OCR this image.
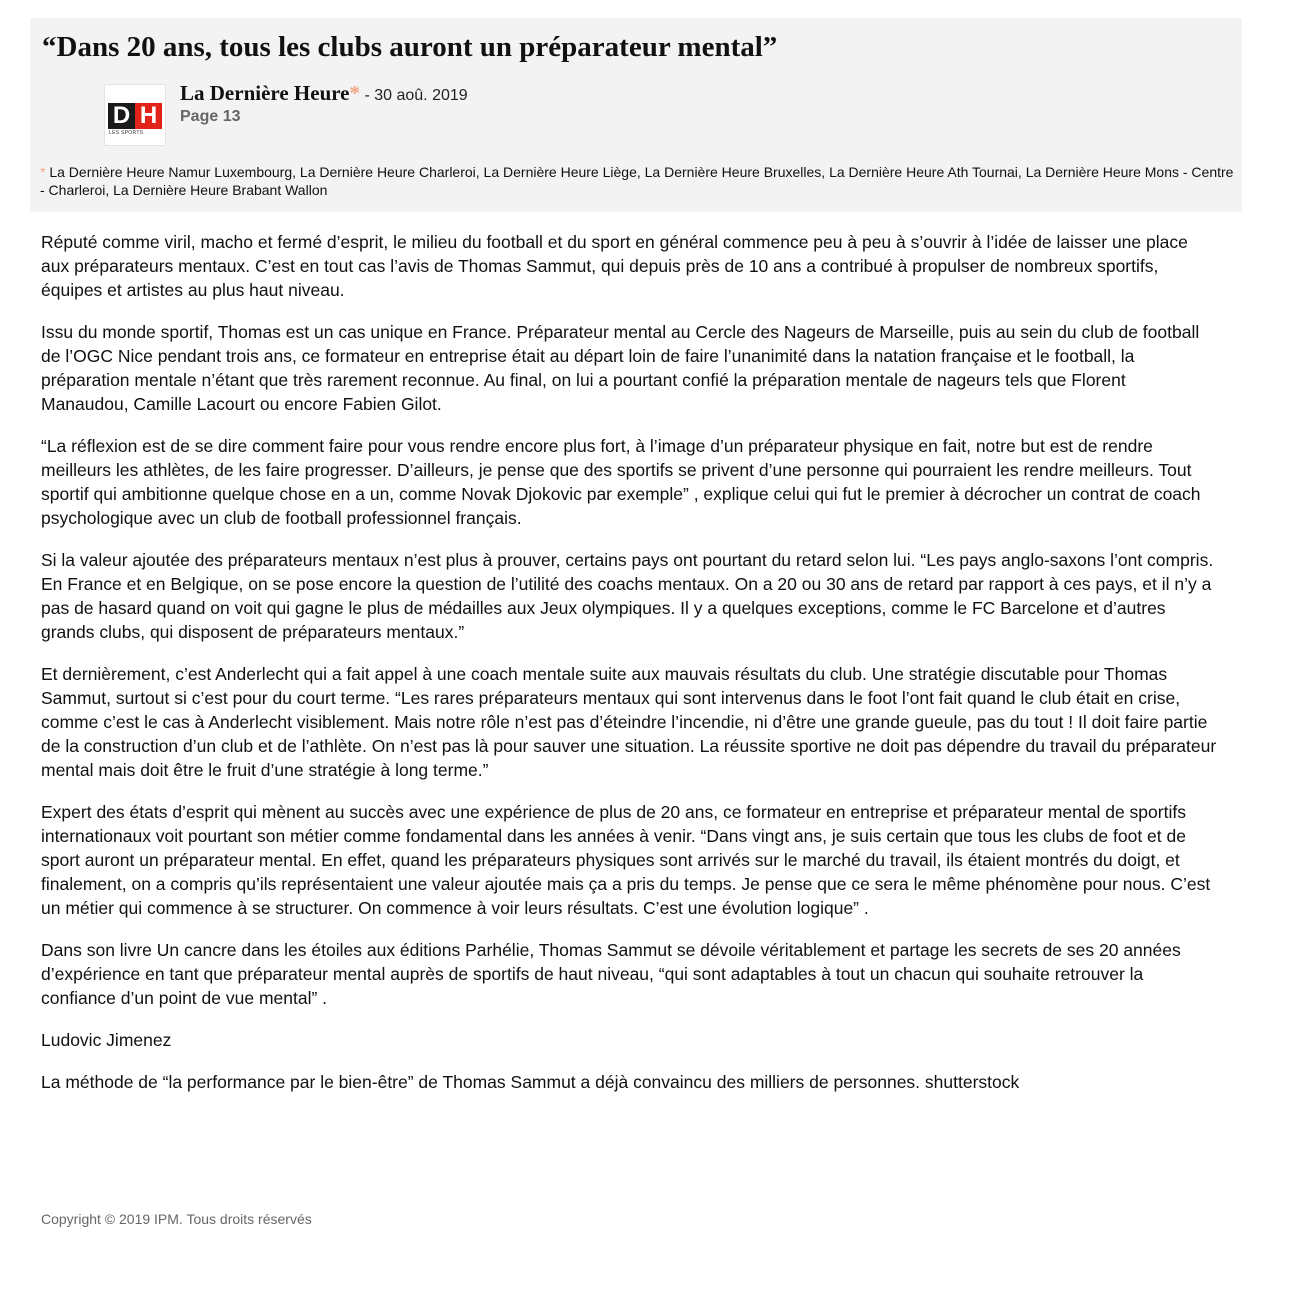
“Dans 20 ans, tous les clubs auront un préparateur mental”
D H
LES SPORTS
La Dernière Heure* - 30 aoû. 2019
Page 13
* La Dernière Heure Namur Luxembourg, La Dernière Heure Charleroi, La Dernière Heure Liège, La Dernière Heure Bruxelles, La Dernière Heure Ath Tournai, La Dernière Heure Mons - Centre - Charleroi, La Dernière Heure Brabant Wallon

Réputé comme viril, macho et fermé d’esprit, le milieu du football et du sport en général commence peu à peu à s’ouvrir à l’idée de laisser une place aux préparateurs mentaux. C’est en tout cas l’avis de Thomas Sammut, qui depuis près de 10 ans a contribué à propulser de nombreux sportifs, équipes et artistes au plus haut niveau.

Issu du monde sportif, Thomas est un cas unique en France. Préparateur mental au Cercle des Nageurs de Marseille, puis au sein du club de football de l’OGC Nice pendant trois ans, ce formateur en entreprise était au départ loin de faire l’unanimité dans la natation française et le football, la préparation mentale n’étant que très rarement reconnue. Au final, on lui a pourtant confié la préparation mentale de nageurs tels que Florent Manaudou, Camille Lacourt ou encore Fabien Gilot.

“La réflexion est de se dire comment faire pour vous rendre encore plus fort, à l’image d’un préparateur physique en fait, notre but est de rendre meilleurs les athlètes, de les faire progresser. D’ailleurs, je pense que des sportifs se privent d’une personne qui pourraient les rendre meilleurs. Tout sportif qui ambitionne quelque chose en a un, comme Novak Djokovic par exemple” , explique celui qui fut le premier à décrocher un contrat de coach psychologique avec un club de football professionnel français.

Si la valeur ajoutée des préparateurs mentaux n’est plus à prouver, certains pays ont pourtant du retard selon lui. “Les pays anglo-saxons l’ont compris. En France et en Belgique, on se pose encore la question de l’utilité des coachs mentaux. On a 20 ou 30 ans de retard par rapport à ces pays, et il n’y a pas de hasard quand on voit qui gagne le plus de médailles aux Jeux olympiques. Il y a quelques exceptions, comme le FC Barcelone et d’autres grands clubs, qui disposent de préparateurs mentaux.”

Et dernièrement, c’est Anderlecht qui a fait appel à une coach mentale suite aux mauvais résultats du club. Une stratégie discutable pour Thomas Sammut, surtout si c’est pour du court terme. “Les rares préparateurs mentaux qui sont intervenus dans le foot l’ont fait quand le club était en crise, comme c’est le cas à Anderlecht visiblement. Mais notre rôle n’est pas d’éteindre l’incendie, ni d’être une grande gueule, pas du tout ! Il doit faire partie de la construction d’un club et de l’athlète. On n’est pas là pour sauver une situation. La réussite sportive ne doit pas dépendre du travail du préparateur mental mais doit être le fruit d’une stratégie à long terme.”

Expert des états d’esprit qui mènent au succès avec une expérience de plus de 20 ans, ce formateur en entreprise et préparateur mental de sportifs internationaux voit pourtant son métier comme fondamental dans les années à venir. “Dans vingt ans, je suis certain que tous les clubs de foot et de sport auront un préparateur mental. En effet, quand les préparateurs physiques sont arrivés sur le marché du travail, ils étaient montrés du doigt, et finalement, on a compris qu’ils représentaient une valeur ajoutée mais ça a pris du temps. Je pense que ce sera le même phénomène pour nous. C’est un métier qui commence à se structurer. On commence à voir leurs résultats. C’est une évolution logique” .

Dans son livre Un cancre dans les étoiles aux éditions Parhélie, Thomas Sammut se dévoile véritablement et partage les secrets de ses 20 années d’expérience en tant que préparateur mental auprès de sportifs de haut niveau, “qui sont adaptables à tout un chacun qui souhaite retrouver la confiance d’un point de vue mental” .

Ludovic Jimenez

La méthode de “la performance par le bien-être” de Thomas Sammut a déjà convaincu des milliers de personnes. shutterstock

Copyright © 2019 IPM. Tous droits réservés
